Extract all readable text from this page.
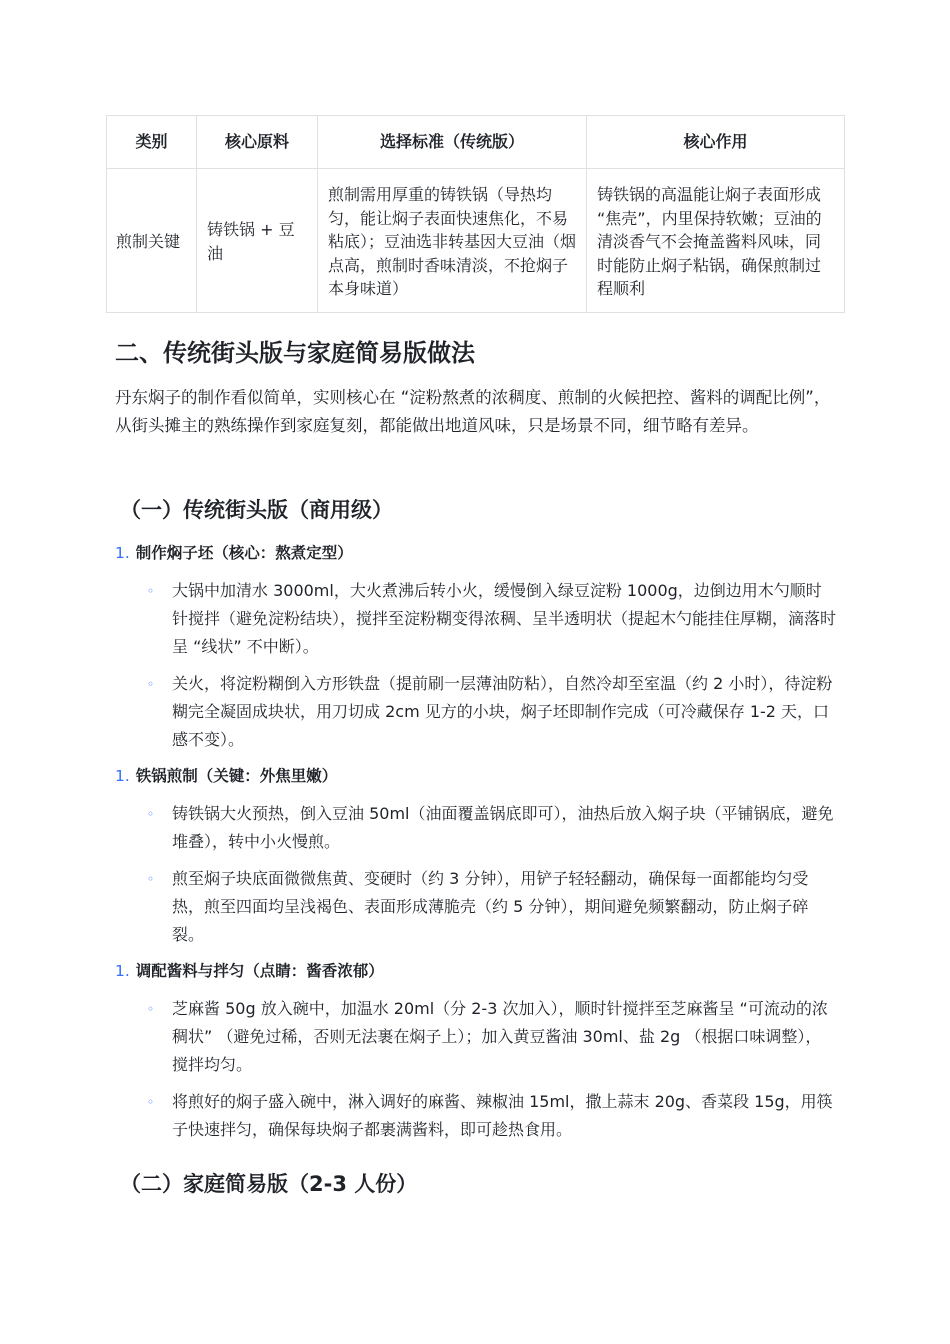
类别	核心原料	选择标准（传统版）	核心作用
煎制关键	铸铁锅 + 豆油	煎制需用厚重的铸铁锅（导热均匀，能让焖子表面快速焦化，不易粘底）；豆油选非转基因大豆油（烟点高，煎制时香味清淡，不抢焖子本身味道）	铸铁锅的高温能让焖子表面形成 “焦壳”，内里保持软嫩；豆油的清淡香气不会掩盖酱料风味，同时能防止焖子粘锅，确保煎制过程顺利
二、传统街头版与家庭简易版做法

丹东焖子的制作看似简单，实则核心在 “淀粉熬煮的浓稠度、煎制的火候把控、酱料的调配比例”，从街头摊主的熟练操作到家庭复刻，都能做出地道风味，只是场景不同，细节略有差异。

（一）传统街头版（商用级）
1. 制作焖子坯（核心：熬煮定型）
◦ 大锅中加清水 3000ml，大火煮沸后转小火，缓慢倒入绿豆淀粉 1000g，边倒边用木勺顺时针搅拌（避免淀粉结块），搅拌至淀粉糊变得浓稠、呈半透明状（提起木勺能挂住厚糊，滴落时呈 “线状” 不中断）。
◦ 关火，将淀粉糊倒入方形铁盘（提前刷一层薄油防粘），自然冷却至室温（约 2 小时），待淀粉糊完全凝固成块状，用刀切成 2cm 见方的小块，焖子坯即制作完成（可冷藏保存 1-2 天，口感不变）。
1. 铁锅煎制（关键：外焦里嫩）
◦ 铸铁锅大火预热，倒入豆油 50ml（油面覆盖锅底即可），油热后放入焖子块（平铺锅底，避免堆叠），转中小火慢煎。
◦ 煎至焖子块底面微微焦黄、变硬时（约 3 分钟），用铲子轻轻翻动，确保每一面都能均匀受热，煎至四面均呈浅褐色、表面形成薄脆壳（约 5 分钟），期间避免频繁翻动，防止焖子碎裂。
1. 调配酱料与拌匀（点睛：酱香浓郁）
◦ 芝麻酱 50g 放入碗中，加温水 20ml（分 2-3 次加入），顺时针搅拌至芝麻酱呈 “可流动的浓稠状” （避免过稀，否则无法裹在焖子上）；加入黄豆酱油 30ml、盐 2g （根据口味调整），搅拌均匀。
◦ 将煎好的焖子盛入碗中，淋入调好的麻酱、辣椒油 15ml，撒上蒜末 20g、香菜段 15g，用筷子快速拌匀，确保每块焖子都裹满酱料，即可趁热食用。
（二）家庭简易版（2-3 人份）
